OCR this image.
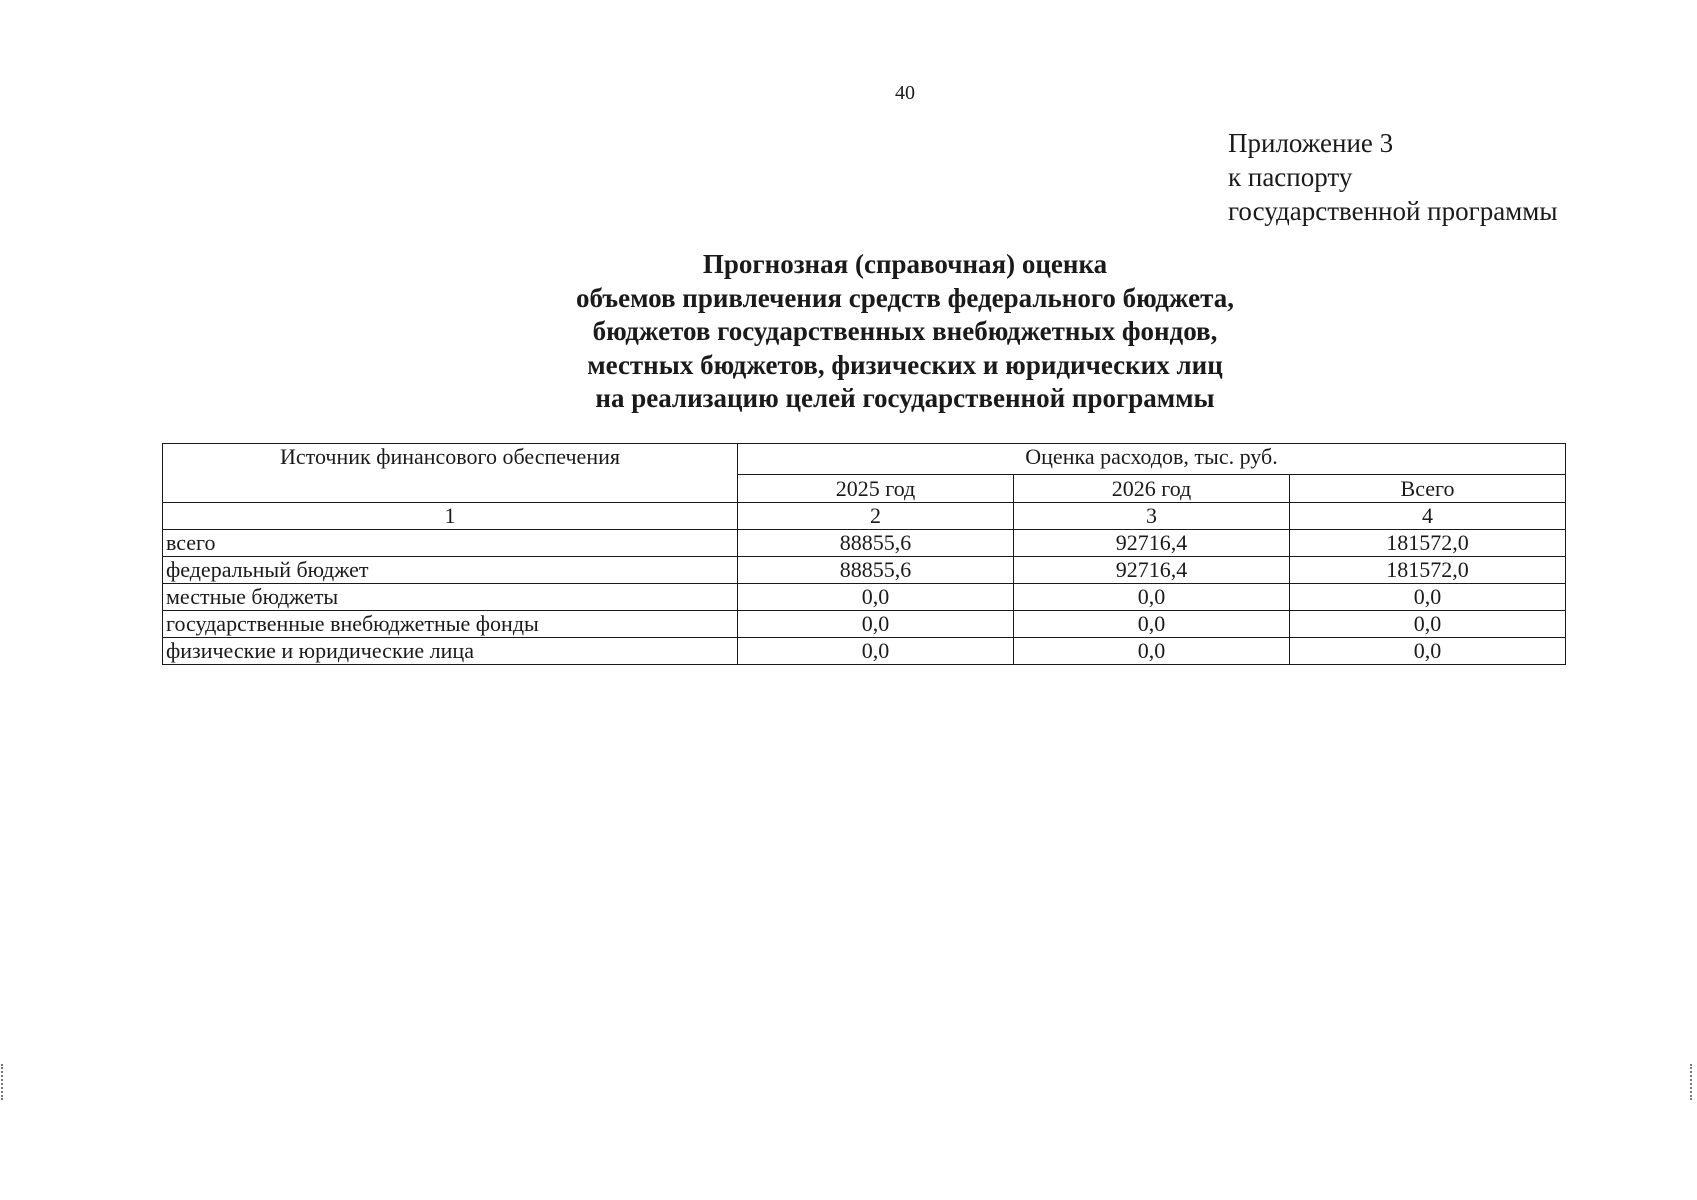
40
Приложение 3
к паспорту
государственной программы
Прогнозная (справочная) оценка
объемов привлечения средств федерального бюджета,
бюджетов государственных внебюджетных фондов,
местных бюджетов, физических и юридических лиц
на реализацию целей государственной программы
Источник финансового обеспечения	Оценка расходов, тыс. руб.		
	2025 год	2026 год	Всего
1	2	3	4
всего	88855,6	92716,4	181572,0
федеральный бюджет	88855,6	92716,4	181572,0
местные бюджеты	0,0	0,0	0,0
государственные внебюджетные фонды	0,0	0,0	0,0
физические и юридические лица	0,0	0,0	0,0
